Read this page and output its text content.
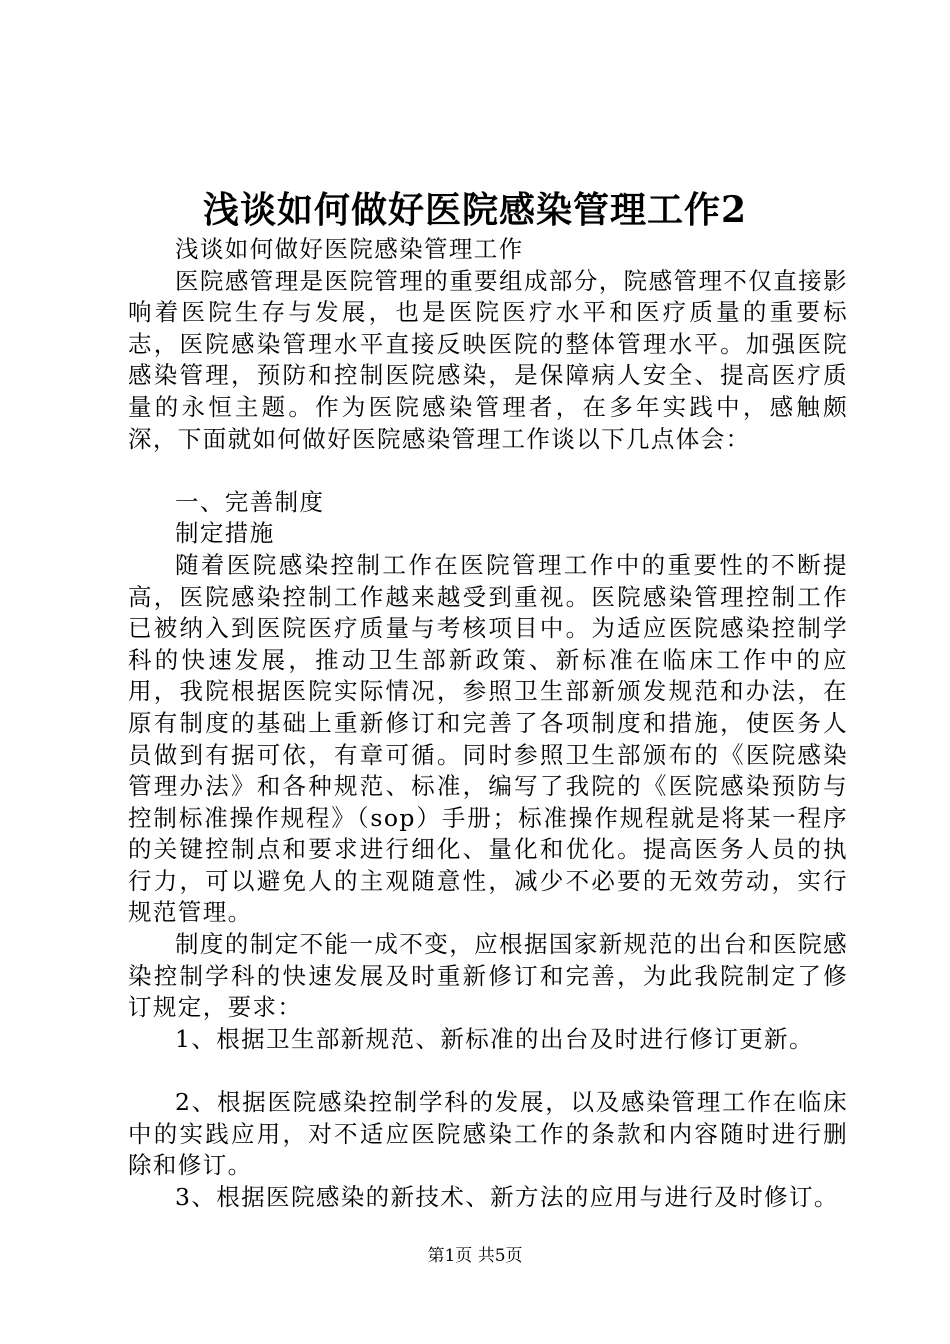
浅谈如何做好医院感染管理工作2

浅谈如何做好医院感染管理工作

医院感管理是医院管理的重要组成部分，院感管理不仅直接影响着医院生存与发展，也是医院医疗水平和医疗质量的重要标志，医院感染管理水平直接反映医院的整体管理水平。加强医院感染管理，预防和控制医院感染，是保障病人安全、提高医疗质量的永恒主题。作为医院感染管理者，在多年实践中，感触颇深，下面就如何做好医院感染管理工作谈以下几点体会：

一、完善制度

制定措施

随着医院感染控制工作在医院管理工作中的重要性的不断提高，医院感染控制工作越来越受到重视。医院感染管理控制工作已被纳入到医院医疗质量与考核项目中。为适应医院感染控制学科的快速发展，推动卫生部新政策、新标准在临床工作中的应用，我院根据医院实际情况，参照卫生部新颁发规范和办法，在原有制度的基础上重新修订和完善了各项制度和措施，使医务人员做到有据可依，有章可循。同时参照卫生部颁布的《医院感染管理办法》和各种规范、标准，编写了我院的《医院感染预防与控制标准操作规程》（sop）手册；标准操作规程就是将某一程序的关键控制点和要求进行细化、量化和优化。提高医务人员的执行力，可以避免人的主观随意性，减少不必要的无效劳动，实行规范管理。

制度的制定不能一成不变，应根据国家新规范的出台和医院感染控制学科的快速发展及时重新修订和完善，为此我院制定了修订规定，要求：

1、根据卫生部新规范、新标准的出台及时进行修订更新。

2、根据医院感染控制学科的发展，以及感染管理工作在临床中的实践应用，对不适应医院感染工作的条款和内容随时进行删除和修订。

3、根据医院感染的新技术、新方法的应用与进行及时修订。

第1页 共5页
